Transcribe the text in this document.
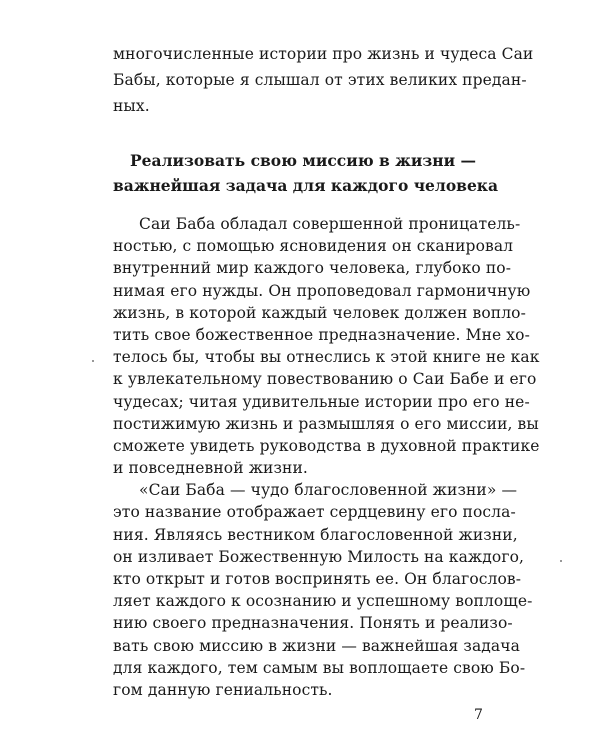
многочисленные истории про жизнь и чудеса Саи
Бабы, которые я слышал от этих великих предан-
ных.
Реализовать свою миссию в жизни —
важнейшая задача для каждого человека
Саи Баба обладал совершенной проницатель-
ностью, с помощью ясновидения он сканировал
внутренний мир каждого человека, глубоко по-
нимая его нужды. Он проповедовал гармоничную
жизнь, в которой каждый человек должен вопло-
тить свое божественное предназначение. Мне хо-
телось бы, чтобы вы отнеслись к этой книге не как
к увлекательному повествованию о Саи Бабе и его
чудесах; читая удивительные истории про его не-
постижимую жизнь и размышляя о его миссии, вы
сможете увидеть руководства в духовной практике
и повседневной жизни.
«Саи Баба — чудо благословенной жизни» —
это название отображает сердцевину его посла-
ния. Являясь вестником благословенной жизни,
он изливает Божественную Милость на каждого,
кто открыт и готов воспринять ее. Он благослов-
ляет каждого к осознанию и успешному воплоще-
нию своего предназначения. Понять и реализо-
вать свою миссию в жизни — важнейшая задача
для каждого, тем самым вы воплощаете свою Бо-
гом данную гениальность.
7
